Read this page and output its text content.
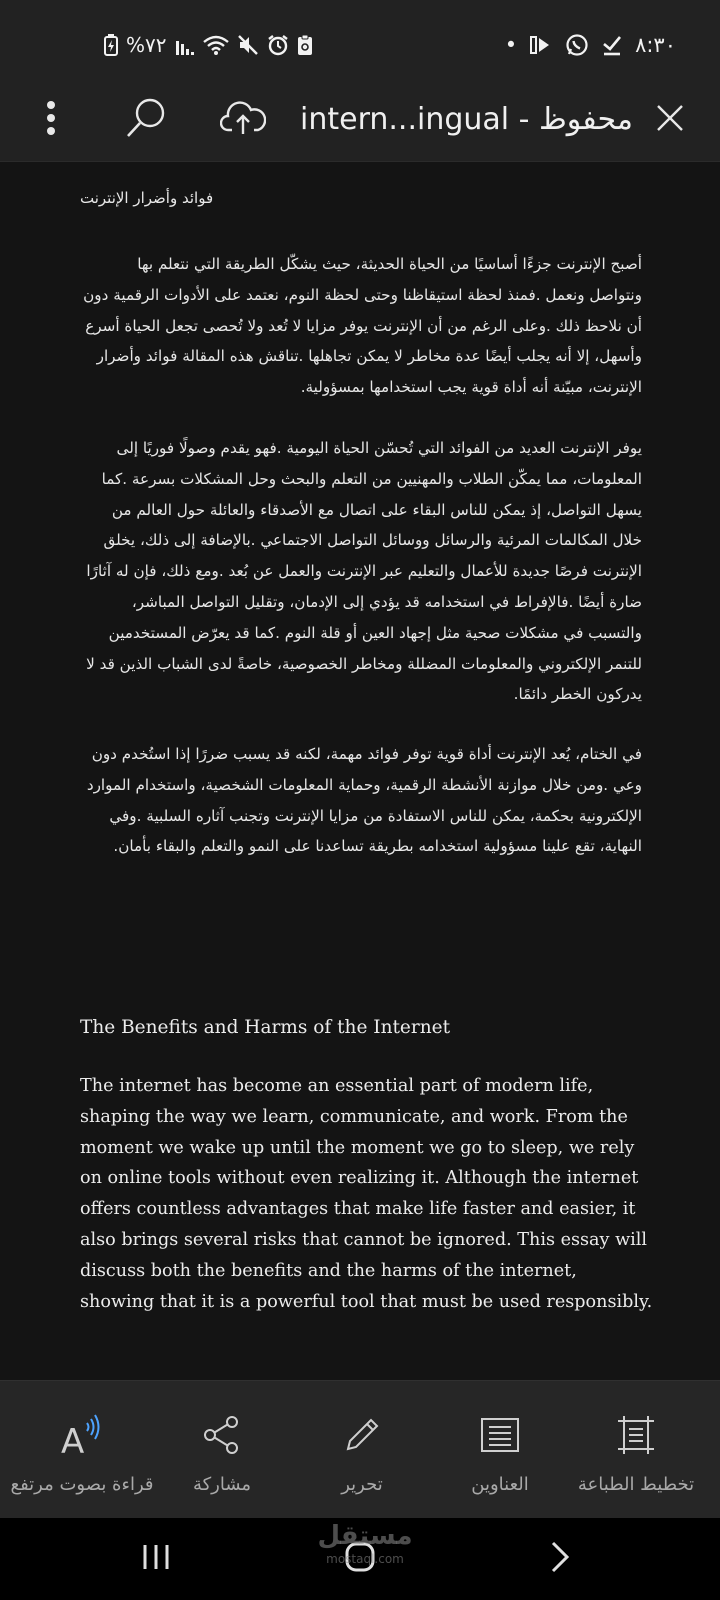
%٧٢	•	٨:٣٠
intern...ingual - محفوظ
فوائد وأضرار الإنترنت
أصبح الإنترنت جزءًا أساسيًا من الحياة الحديثة، حيث يشكّل الطريقة التي نتعلم بها ونتواصل ونعمل .فمنذ لحظة استيقاظنا وحتى لحظة النوم، نعتمد على الأدوات الرقمية دون أن نلاحظ ذلك .وعلى الرغم من أن الإنترنت يوفر مزايا لا تُعد ولا تُحصى تجعل الحياة أسرع وأسهل، إلا أنه يجلب أيضًا عدة مخاطر لا يمكن تجاهلها .تناقش هذه المقالة فوائد وأضرار الإنترنت، مبيّنة أنه أداة قوية يجب استخدامها بمسؤولية.
يوفر الإنترنت العديد من الفوائد التي تُحسّن الحياة اليومية .فهو يقدم وصولًا فوريًا إلى المعلومات، مما يمكّن الطلاب والمهنيين من التعلم والبحث وحل المشكلات بسرعة .كما يسهل التواصل، إذ يمكن للناس البقاء على اتصال مع الأصدقاء والعائلة حول العالم من خلال المكالمات المرئية والرسائل ووسائل التواصل الاجتماعي .بالإضافة إلى ذلك، يخلق الإنترنت فرصًا جديدة للأعمال والتعليم عبر الإنترنت والعمل عن بُعد .ومع ذلك، فإن له آثارًا ضارة أيضًا .فالإفراط في استخدامه قد يؤدي إلى الإدمان، وتقليل التواصل المباشر، والتسبب في مشكلات صحية مثل إجهاد العين أو قلة النوم .كما قد يعرّض المستخدمين للتنمر الإلكتروني والمعلومات المضللة ومخاطر الخصوصية، خاصةً لدى الشباب الذين قد لا يدركون الخطر دائمًا.
في الختام، يُعد الإنترنت أداة قوية توفر فوائد مهمة، لكنه قد يسبب ضررًا إذا استُخدم دون وعي .ومن خلال موازنة الأنشطة الرقمية، وحماية المعلومات الشخصية، واستخدام الموارد الإلكترونية بحكمة، يمكن للناس الاستفادة من مزايا الإنترنت وتجنب آثاره السلبية .وفي النهاية، تقع علينا مسؤولية استخدامه بطريقة تساعدنا على النمو والتعلم والبقاء بأمان.
The Benefits and Harms of the Internet
The internet has become an essential part of modern life, shaping the way we learn, communicate, and work. From the moment we wake up until the moment we go to sleep, we rely on online tools without even realizing it. Although the internet offers countless advantages that make life faster and easier, it also brings several risks that cannot be ignored. This essay will discuss both the benefits and the harms of the internet, showing that it is a powerful tool that must be used responsibly.
A
قراءة بصوت مرتفع	مشاركة	تحرير	العناوين	تخطيط الطباعة
مستقل
mostaql.com
